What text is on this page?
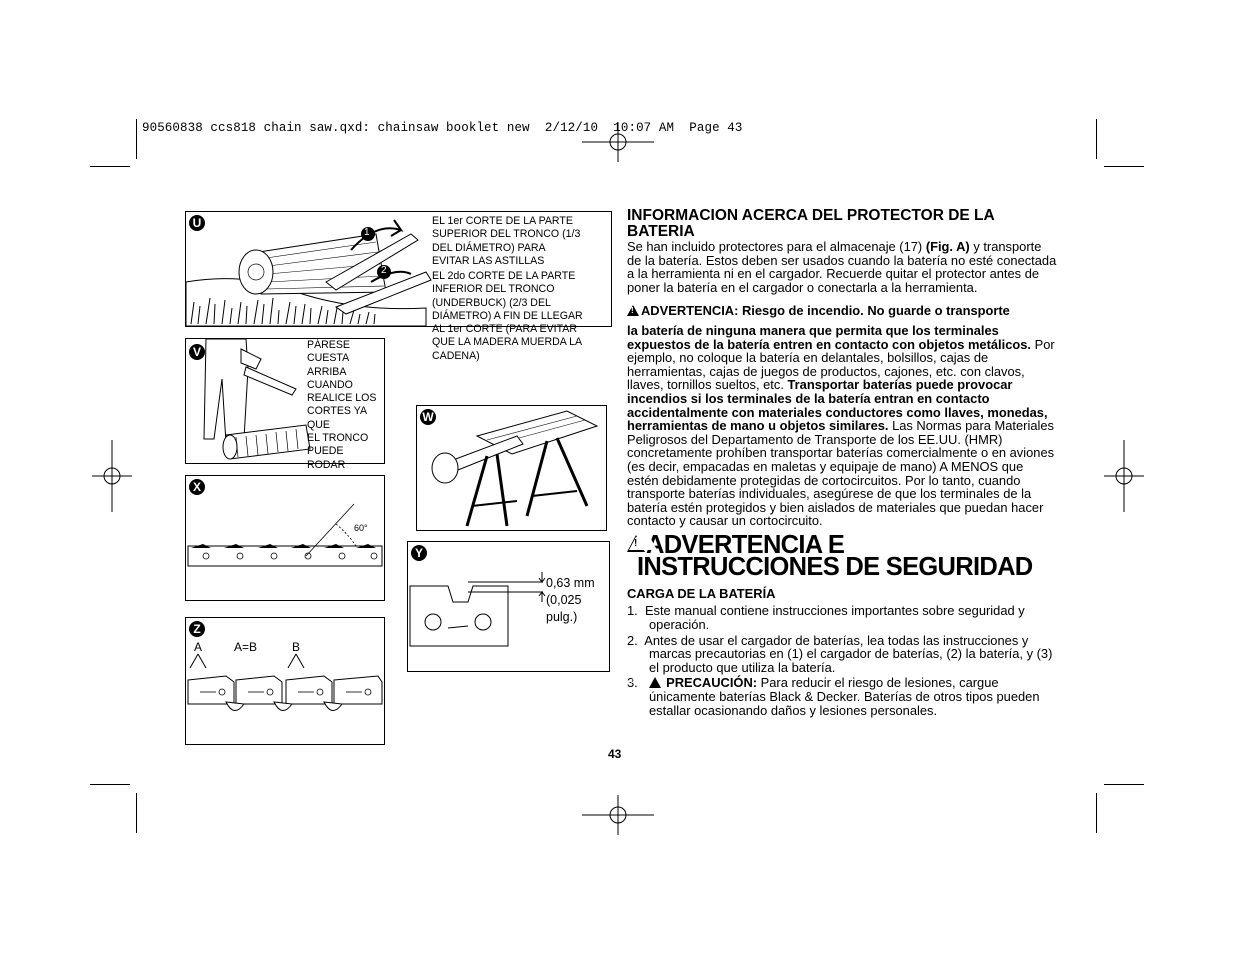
90560838 ccs818 chain saw.qxd: chainsaw booklet new  2/12/10  10:07 AM  Page 43
U
1
2
EL 1er CORTE DE LA PARTE
SUPERIOR DEL TRONCO (1/3
DEL DIÁMETRO) PARA
EVITAR LAS ASTILLAS
EL 2do CORTE DE LA PARTE
INFERIOR DEL TRONCO
(UNDERBUCK) (2/3 DEL
DIÁMETRO) A FIN DE LLEGAR
AL 1er CORTE (PARA EVITAR
QUE LA MADERA MUERDA LA
CADENA)
V	PÁRESE CUESTA
ARRIBA CUANDO
REALICE LOS
CORTES YA QUE
EL TRONCO
PUEDE RODAR
W
X
60°
Y
0,63 mm
(0,025
pulg.)
Z
A	A=B	B
INFORMACION ACERCA DEL PROTECTOR DE LA BATERIA

Se han incluido protectores para el almacenaje (17) (Fig. A) y transporte de la batería. Estos deben ser usados cuando la batería no esté conectada a la herramienta ni en el cargador. Recuerde quitar el protector antes de poner la batería en el cargador o conectarla a la herramienta.

!ADVERTENCIA: Riesgo de incendio. No guarde o transporte

la batería de ninguna manera que permita que los terminales expuestos de la batería entren en contacto con objetos metálicos. Por ejemplo, no coloque la batería en delantales, bolsillos, cajas de herramientas, cajas de juegos de productos, cajones, etc. con clavos, llaves, tornillos sueltos, etc. Transportar baterías puede provocar incendios si los terminales de la batería entran en contacto accidentalmente con materiales conductores como llaves, monedas, herramientas de mano u objetos similares. Las Normas para Materiales Peligrosos del Departamento de Transporte de los EE.UU. (HMR) concretamente prohíben transportar baterías comercialmente o en aviones (es decir, empacadas en maletas y equipaje de mano) A MENOS que estén debidamente protegidas de cortocircuitos. Por lo tanto, cuando transporte baterías individuales, asegúrese de que los terminales de la batería estén protegidos y bien aislados de materiales que puedan hacer contacto y causar un cortocircuito.

! ADVERTENCIA E
INSTRUCCIONES DE SEGURIDAD
CARGA DE LA BATERÍA
1. Este manual contiene instrucciones importantes sobre seguridad y operación.
2. Antes de usar el cargador de baterías, lea todas las instrucciones y marcas precautorias en (1) el cargador de baterías, (2) la batería, y (3) el producto que utiliza la batería.
3.   ! PRECAUCIÓN: Para reducir el riesgo de lesiones, cargue únicamente baterías Black & Decker. Baterías de otros tipos pueden estallar ocasionando daños y lesiones personales.
43
